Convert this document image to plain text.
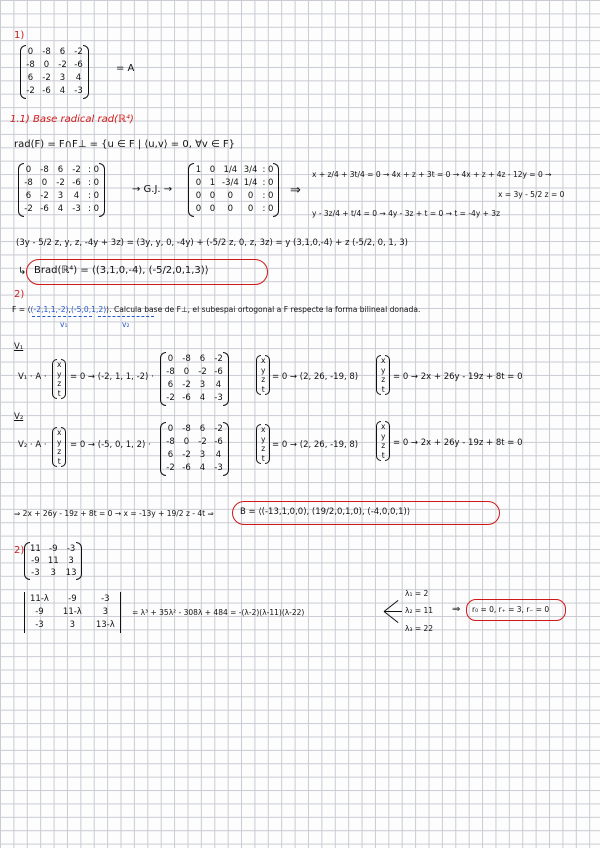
1)
0 -8 6 -2
-8 0 -2 -6
6 -2 3 4
-2 -6 4 -3
= A
1.1) Base radical rad(ℝ⁴)
rad(F) = F∩F⊥ = {u ∈ F | ⟨u,v⟩ = 0, ∀v ∈ F}
0 -8 6 -2 : 0
-8 0 -2 -6 : 0
6 -2 3 4 : 0
-2 -6 4 -3 : 0
→ G.J. →
1 0 1/4 3/4 : 0
0 1 -3/4 1/4 : 0
0 0	0	0	: 0
0 0	0	0	: 0
⇒
x + z/4 + 3t/4 = 0 → 4x + z + 3t = 0 → 4x + z + 4z - 12y = 0 →
x = 3y - 5/2 z = 0
y - 3z/4 + t/4 = 0 → 4y - 3z + t = 0 → t = -4y + 3z
(3y - 5/2 z, y, z, -4y + 3z) = (3y, y, 0, -4y) + (-5/2 z, 0, z, 3z) = y (3,1,0,-4) + z (-5/2, 0, 1, 3)
↳ Brad(ℝ⁴) = ⟨(3,1,0,-4), (-5/2,0,1,3)⟩
2)
F = ⟨(-2,1,1,-2),(-5,0,1,2)⟩. Calcula base de F⊥, el subespai ortogonal a F respecte la forma bilineal donada.
v₁	v₂
V₁
V₁ · A ·
x
y
z
t
= 0 → (-2, 1, 1, -2) ·
0 -8 6 -2
-8 0 -2 -6
6 -2 3 4
-2 -6 4 -3
x
y
z
t
= 0 → (2, 26, -19, 8)
x
y
z
t
= 0 → 2x + 26y - 19z + 8t = 0
V₂
V₂ · A ·
x
y
z
t
= 0 → (-5, 0, 1, 2) ·
0 -8 6 -2
-8 0 -2 -6
6 -2 3 4
-2 -6 4 -3
x
y
z
t
= 0 → (2, 26, -19, 8)
x
y
z
t
= 0 → 2x + 26y - 19z + 8t = 0
⇒ 2x + 26y - 19z + 8t = 0 → x = -13y + 19/2 z - 4t ⇒	B = ⟨(-13,1,0,0), (19/2,0,1,0), (-4,0,0,1)⟩
2) 11 -9 -3
-9 11	3
-3	3	13
11-λ	-9	-3
-9	11-λ	3
-3	3	13-λ
= λ³ + 35λ² - 308λ + 484 = -(λ-2)(λ-11)(λ-22)
λ₁ = 2
λ₂ = 11
λ₃ = 22
⇒ r₀ = 0, r₊ = 3, r₋ = 0
